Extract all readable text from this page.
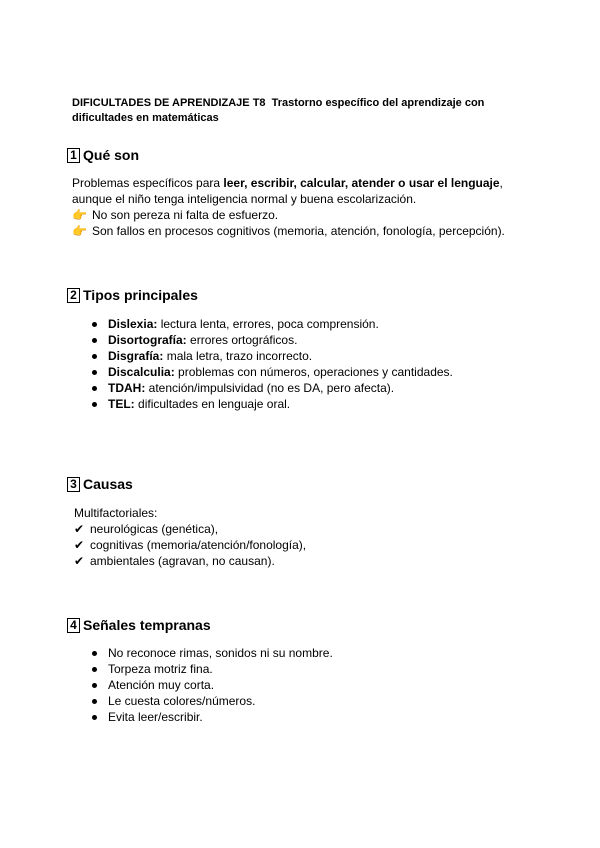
DIFICULTADES DE APRENDIZAJE T8 Trastorno específico del aprendizaje con dificultades en matemáticas
1 Qué son
Problemas específicos para leer, escribir, calcular, atender o usar el lenguaje,
aunque el niño tenga inteligencia normal y buena escolarización.
👉 No son pereza ni falta de esfuerzo.
👉 Son fallos en procesos cognitivos (memoria, atención, fonología, percepción).
2 Tipos principales
Dislexia: lectura lenta, errores, poca comprensión.
Disortografía: errores ortográficos.
Disgrafía: mala letra, trazo incorrecto.
Discalculia: problemas con números, operaciones y cantidades.
TDAH: atención/impulsividad (no es DA, pero afecta).
TEL: dificultades en lenguaje oral.
3 Causas
Multifactoriales:
✔ neurológicas (genética),
✔ cognitivas (memoria/atención/fonología),
✔ ambientales (agravan, no causan).
4 Señales tempranas
No reconoce rimas, sonidos ni su nombre.
Torpeza motriz fina.
Atención muy corta.
Le cuesta colores/números.
Evita leer/escribir.
